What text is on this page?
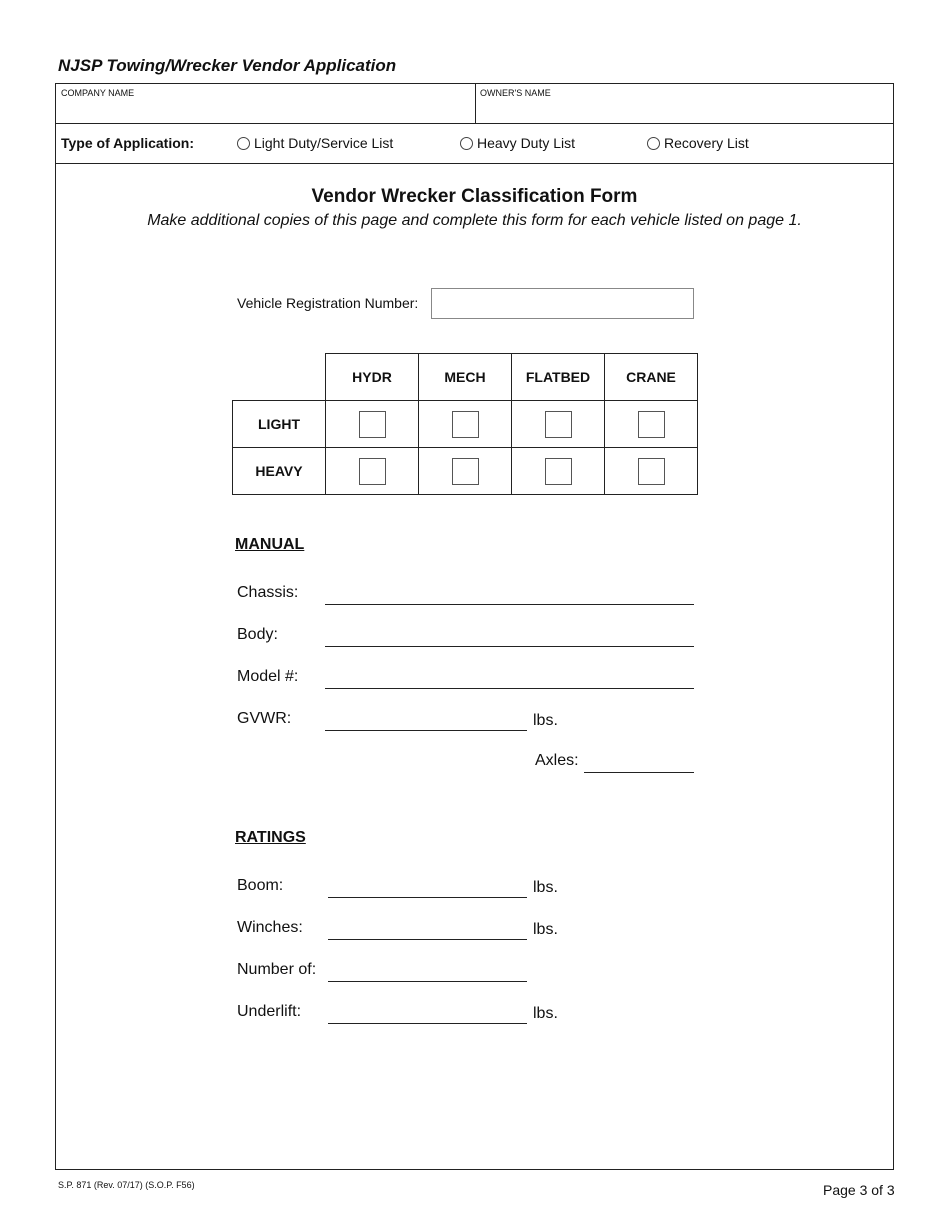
NJSP Towing/Wrecker Vendor Application
COMPANY NAME	OWNER'S NAME
Type of Application:	Light Duty/Service List	Heavy Duty List	Recovery List
Vendor Wrecker Classification Form
Make additional copies of this page and complete this form for each vehicle listed on page 1.
Vehicle Registration Number:
	HYDR	MECH	FLATBED	CRANE
LIGHT				
HEAVY				
MANUAL
Chassis:
Body:
Model #:
GVWR:	lbs.
Axles:
RATINGS
Boom:	lbs.
Winches:	lbs.
Number of:
Underlift:	lbs.
S.P. 871 (Rev. 07/17) (S.O.P. F56)	Page 3 of 3
